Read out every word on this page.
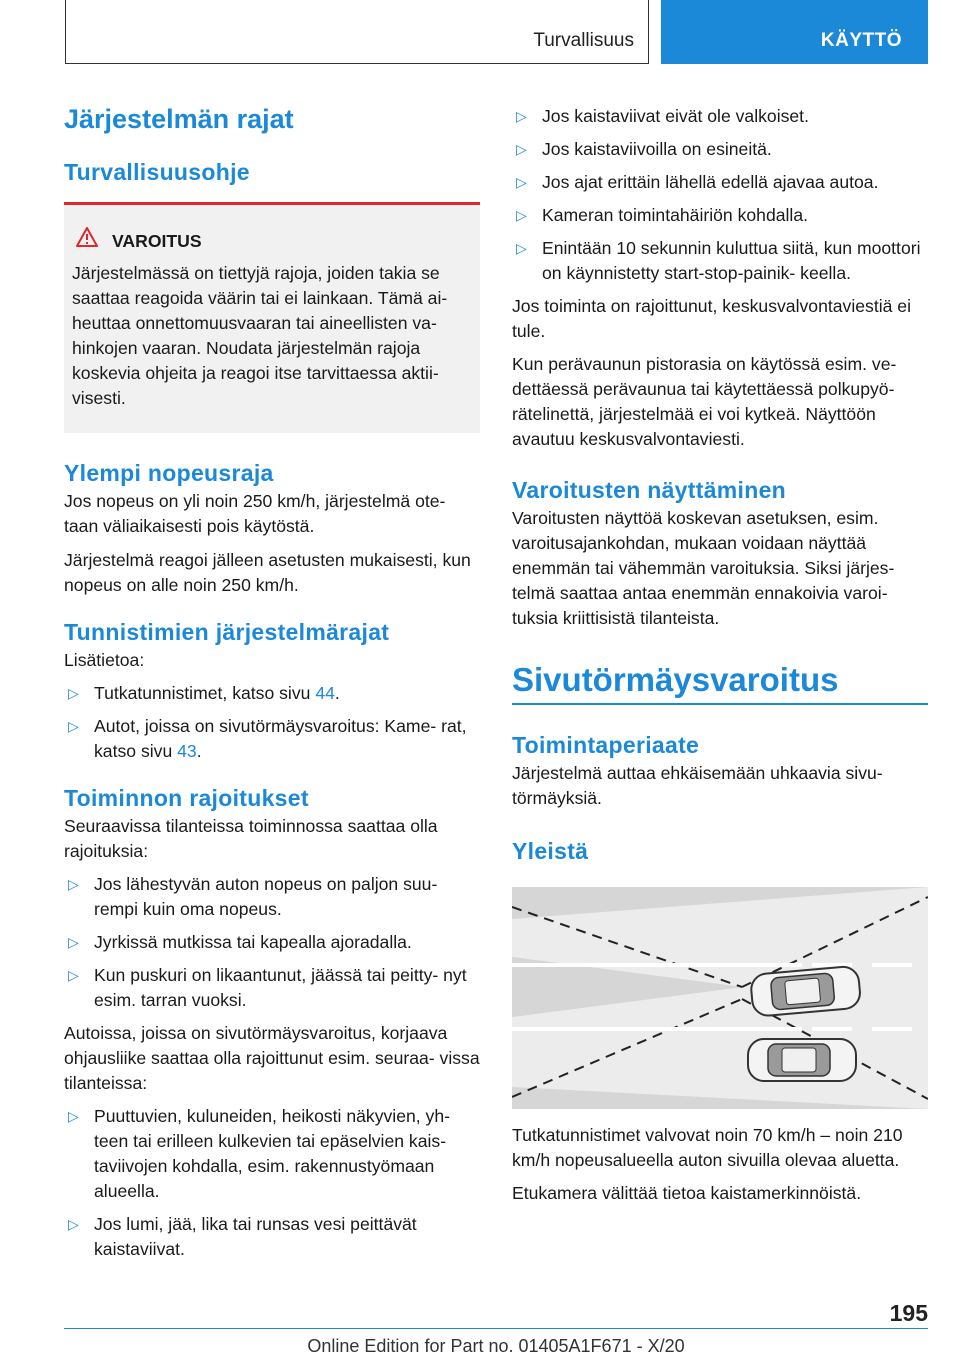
Turvallisuus	KÄYTTÖ
Järjestelmän rajat
Turvallisuusohje
VAROITUS

Järjestelmässä on tiettyjä rajoja, joiden takia se saattaa reagoida väärin tai ei lainkaan. Tämä ai- heuttaa onnettomuusvaaran tai aineellisten va- hinkojen vaaran. Noudata järjestelmän rajoja koskevia ohjeita ja reagoi itse tarvittaessa aktii- visesti.

Ylempi nopeusraja

Jos nopeus on yli noin 250 km/h, järjestelmä ote- taan väliaikaisesti pois käytöstä.

Järjestelmä reagoi jälleen asetusten mukaisesti, kun nopeus on alle noin 250 km/h.

Tunnistimien järjestelmärajat

Lisätietoa:

▷ Tutkatunnistimet, katso sivu 44.
▷ Autot, joissa on sivutörmäysvaroitus: Kame- rat, katso sivu 43.
Toiminnon rajoitukset

Seuraavissa tilanteissa toiminnossa saattaa olla rajoituksia:

▷ Jos lähestyvän auton nopeus on paljon suu- rempi kuin oma nopeus.
▷ Jyrkissä mutkissa tai kapealla ajoradalla.
▷ Kun puskuri on likaantunut, jäässä tai peitty- nyt esim. tarran vuoksi.

Autoissa, joissa on sivutörmäysvaroitus, korjaava ohjausliike saattaa olla rajoittunut esim. seuraa- vissa tilanteissa:

▷ Puuttuvien, kuluneiden, heikosti näkyvien, yh- teen tai erilleen kulkevien tai epäselvien kais- taviivojen kohdalla, esim. rakennustyömaan alueella.
▷ Jos lumi, jää, lika tai runsas vesi peittävät kaistaviivat.
▷ Jos kaistaviivat eivät ole valkoiset.
▷ Jos kaistaviivoilla on esineitä.
▷ Jos ajat erittäin lähellä edellä ajavaa autoa.
▷ Kameran toimintahäiriön kohdalla.
▷ Enintään 10 sekunnin kuluttua siitä, kun moottori on käynnistetty start-stop-painik- keella.

Jos toiminta on rajoittunut, keskusvalvontaviestiä ei tule.

Kun perävaunun pistorasia on käytössä esim. ve- dettäessä perävaunua tai käytettäessä polkupyö- rätelinettä, järjestelmää ei voi kytkeä. Näyttöön avautuu keskusvalvontaviesti.

Varoitusten näyttäminen

Varoitusten näyttöä koskevan asetuksen, esim. varoitusajankohdan, mukaan voidaan näyttää enemmän tai vähemmän varoituksia. Siksi järjes- telmä saattaa antaa enemmän ennakoivia varoi- tuksia kriittisistä tilanteista.

Sivutörmäysvaroitus
Toimintaperiaate

Järjestelmä auttaa ehkäisemään uhkaavia sivu- törmäyksiä.

Yleistä

Tutkatunnistimet valvovat noin 70 km/h – noin 210 km/h nopeusalueella auton sivuilla olevaa aluetta.

Etukamera välittää tietoa kaistamerkinnöistä.

195
Online Edition for Part no. 01405A1F671 - X/20
